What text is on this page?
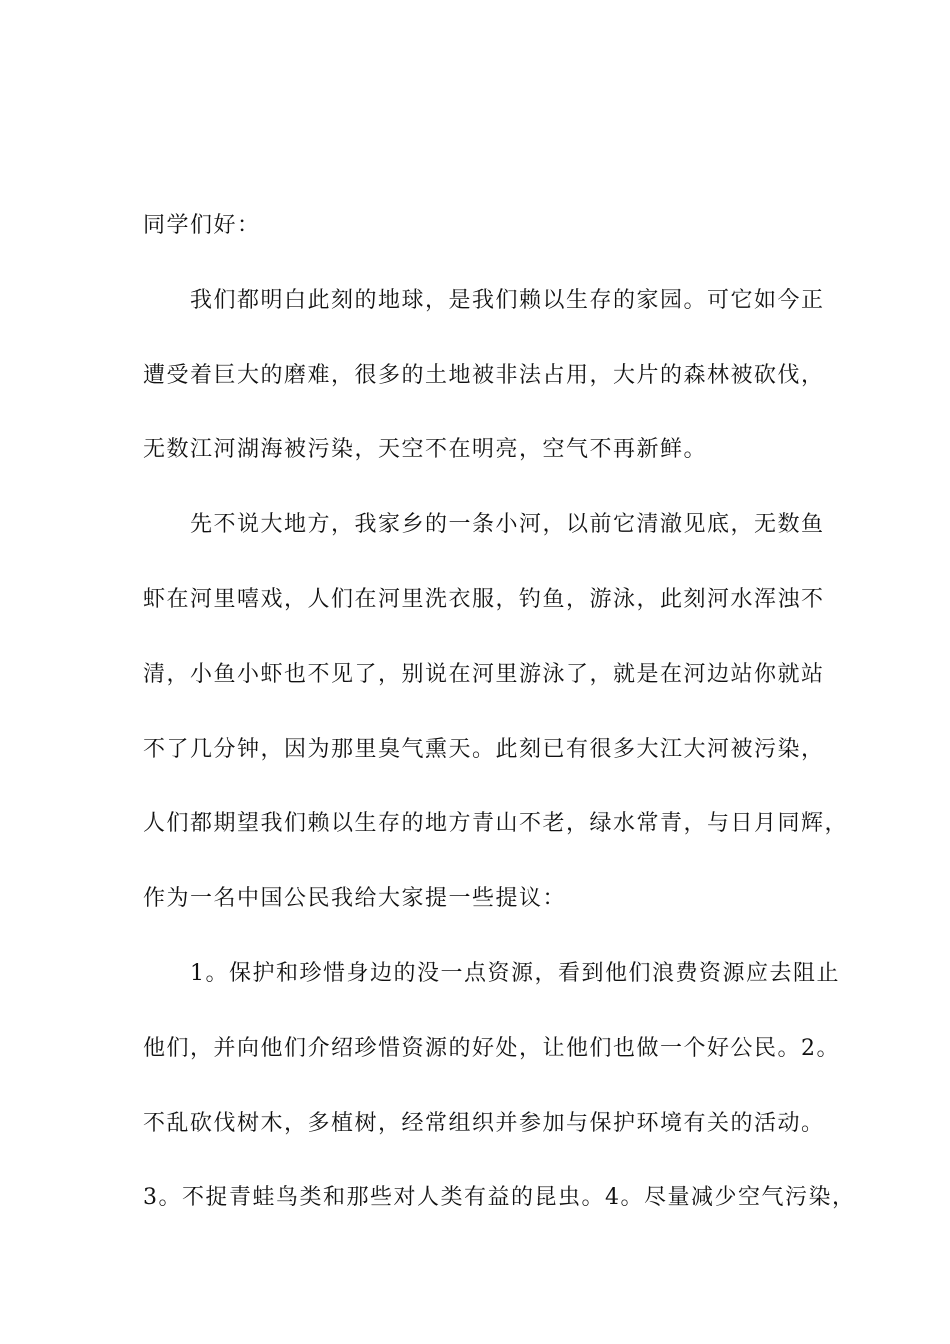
同学们好：
我们都明白此刻的地球，是我们赖以生存的家园。可它如今正
遭受着巨大的磨难，很多的土地被非法占用，大片的森林被砍伐，
无数江河湖海被污染，天空不在明亮，空气不再新鲜。
先不说大地方，我家乡的一条小河，以前它清澈见底，无数鱼
虾在河里嘻戏，人们在河里洗衣服，钓鱼，游泳，此刻河水浑浊不
清，小鱼小虾也不见了，别说在河里游泳了，就是在河边站你就站
不了几分钟，因为那里臭气熏天。此刻已有很多大江大河被污染，
人们都期望我们赖以生存的地方青山不老，绿水常青，与日月同辉，
作为一名中国公民我给大家提一些提议：
1。保护和珍惜身边的没一点资源，看到他们浪费资源应去阻止
他们，并向他们介绍珍惜资源的好处，让他们也做一个好公民。2。
不乱砍伐树木，多植树，经常组织并参加与保护环境有关的活动。
3。不捉青蛙鸟类和那些对人类有益的昆虫。4。尽量减少空气污染，
